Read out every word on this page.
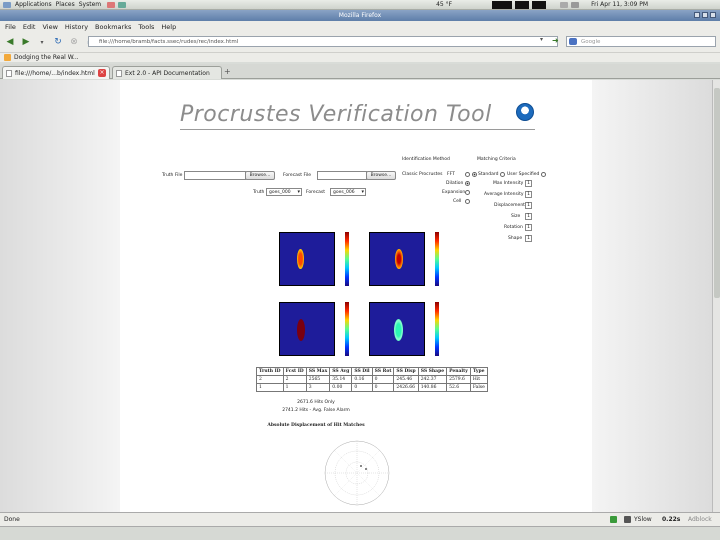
Applications Places System	45 °F	Fri Apr 11, 3:09 PM
Mozilla Firefox
File Edit View History Bookmarks Tools Help
◀ ▶	▾	↻ ⊗	file:///home/bramb/facts.ssec/rudes/rec/index.html	▾	➜	Google
Dodging the Real W...
file:///home/...b/index.html ×	Ext 2.0 - API Documentation +
Procrustes Verification Tool
Truth File	Browse...	Forecast File	Browse...
Truth	goes_000 ▾	Forecast	goes_006 ▾
Identification Method
Classic Procrustes FFT
Dilation
Expansion
Cell
Matching Criteria
Standard User Specified
Max Intensity 1
Average Intensity 1
Displacement 1
Size	1
Rotation 1
Shape	1
Truth ID	Fcst ID	SS Max	SS Avg	SS Dil	SS Rot	SS Disp	SS Shape	Penalty	Type
2	2	2565	35.14	0.16	0	245.46	242.37	2579.6	Hit
1	1	3	0.00	0	0	2426.66	140.86	52.6	False
2671.6 Hits Only
2741.2 Hits - Avg. False Alarm
Absolute Displacement of Hit Matches
Done	YSlow 0.22s Adblock
